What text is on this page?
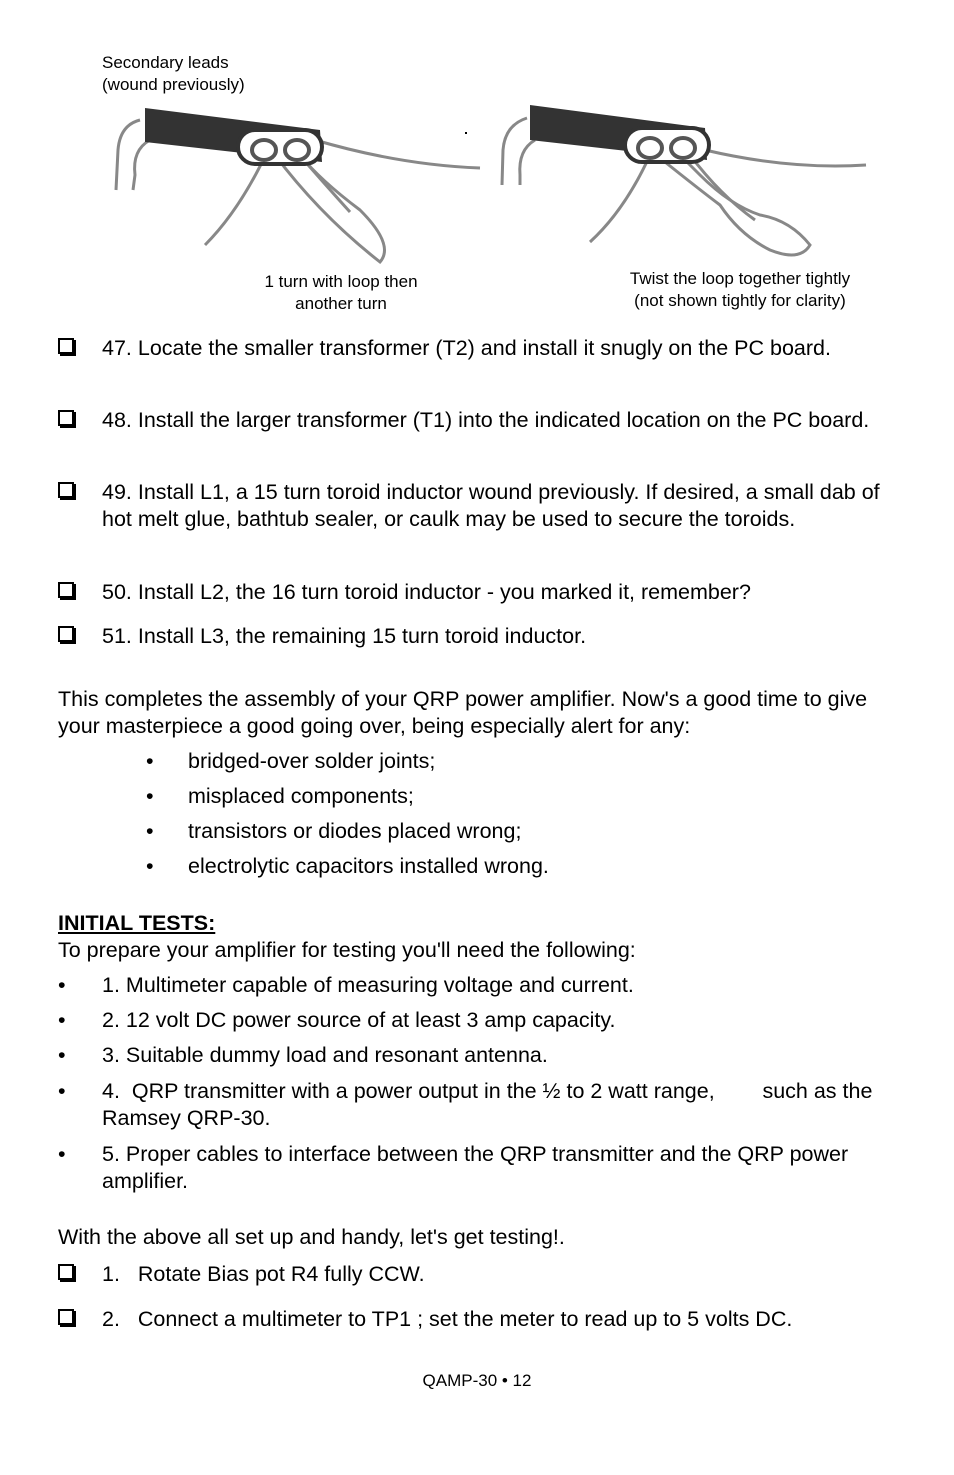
Secondary leads
(wound previously)
1 turn with loop then
another turn
Twist the loop together tightly
(not shown tightly for clarity)
47. Locate the smaller transformer (T2) and install it snugly on the PC board.
48. Install the larger transformer (T1) into the indicated location on the PC board.
49. Install L1, a 15 turn toroid inductor wound previously. If desired, a small dab of hot melt glue, bathtub sealer, or caulk may be used to secure the toroids.
50. Install L2, the 16 turn toroid inductor - you marked it, remember?
51. Install L3, the remaining 15 turn toroid inductor.
This completes the assembly of your QRP power amplifier. Now's a good time to give your masterpiece a good going over, being especially alert for any:
• bridged-over solder joints;
• misplaced components;
• transistors or diodes placed wrong;
• electrolytic capacitors installed wrong.
INITIAL TESTS:
To prepare your amplifier for testing you'll need the following:
• 1. Multimeter capable of measuring voltage and current.
• 2. 12 volt DC power source of at least 3 amp capacity.
• 3. Suitable dummy load and resonant antenna.
• 4.  QRP transmitter with a power output in the ½ to 2 watt range,        such as the Ramsey QRP-30.
• 5. Proper cables to interface between the QRP transmitter and the QRP power amplifier.
With the above all set up and handy, let's get testing!.
1. Rotate Bias pot R4 fully CCW.
2. Connect a multimeter to TP1 ; set the meter to read up to 5 volts DC.
QAMP-30 • 12
